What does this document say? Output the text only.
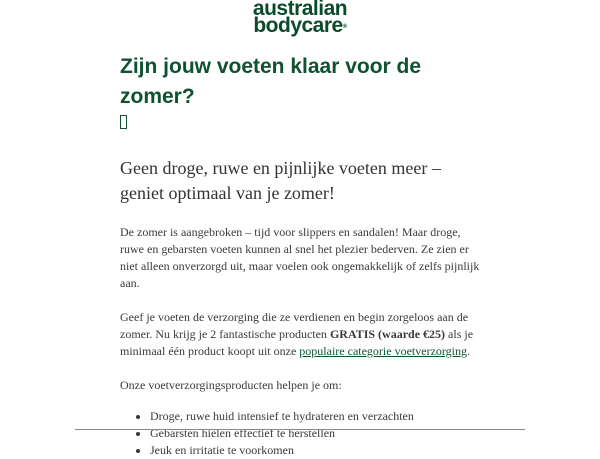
australian
bodycare®
Zijn jouw voeten klaar voor de zomer?

Geen droge, ruwe en pijnlijke voeten meer – geniet optimaal van je zomer!

De zomer is aangebroken – tijd voor slippers en sandalen! Maar droge, ruwe en gebarsten voeten kunnen al snel het plezier bederven. Ze zien er niet alleen onverzorgd uit, maar voelen ook ongemakkelijk of zelfs pijnlijk aan.

Geef je voeten de verzorging die ze verdienen en begin zorgeloos aan de zomer. Nu krijg je 2 fantastische producten GRATIS (waarde €25) als je minimaal één product koopt uit onze populaire categorie voetverzorging.

Onze voetverzorgingsproducten helpen je om:

• Droge, ruwe huid intensief te hydrateren en verzachten
• Gebarsten hielen effectief te herstellen
• Jeuk en irritatie te voorkomen
